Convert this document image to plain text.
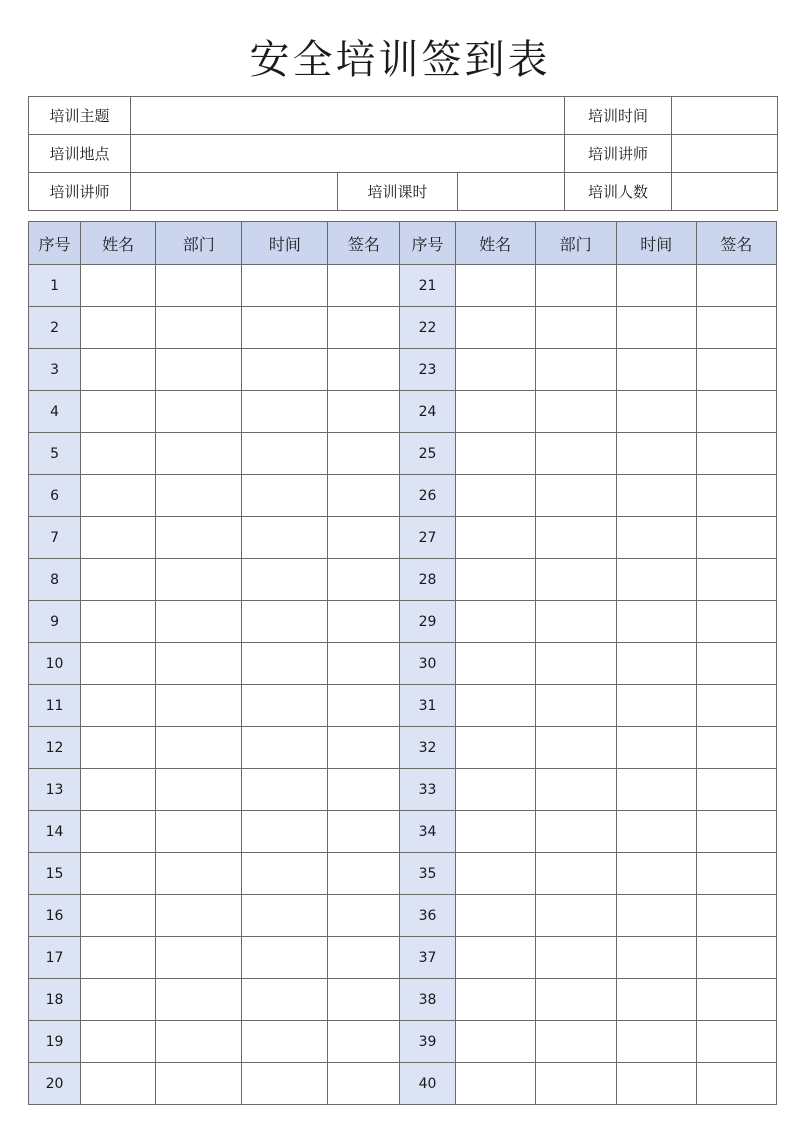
安全培训签到表
培训主题				培训时间	
培训地点				培训讲师	
培训讲师		培训课时		培训人数	
序号	姓名	部门	时间	签名	序号	姓名	部门	时间	签名
1					21				
2					22				
3					23				
4					24				
5					25				
6					26				
7					27				
8					28				
9					29				
10					30				
11					31				
12					32				
13					33				
14					34				
15					35				
16					36				
17					37				
18					38				
19					39				
20					40				
